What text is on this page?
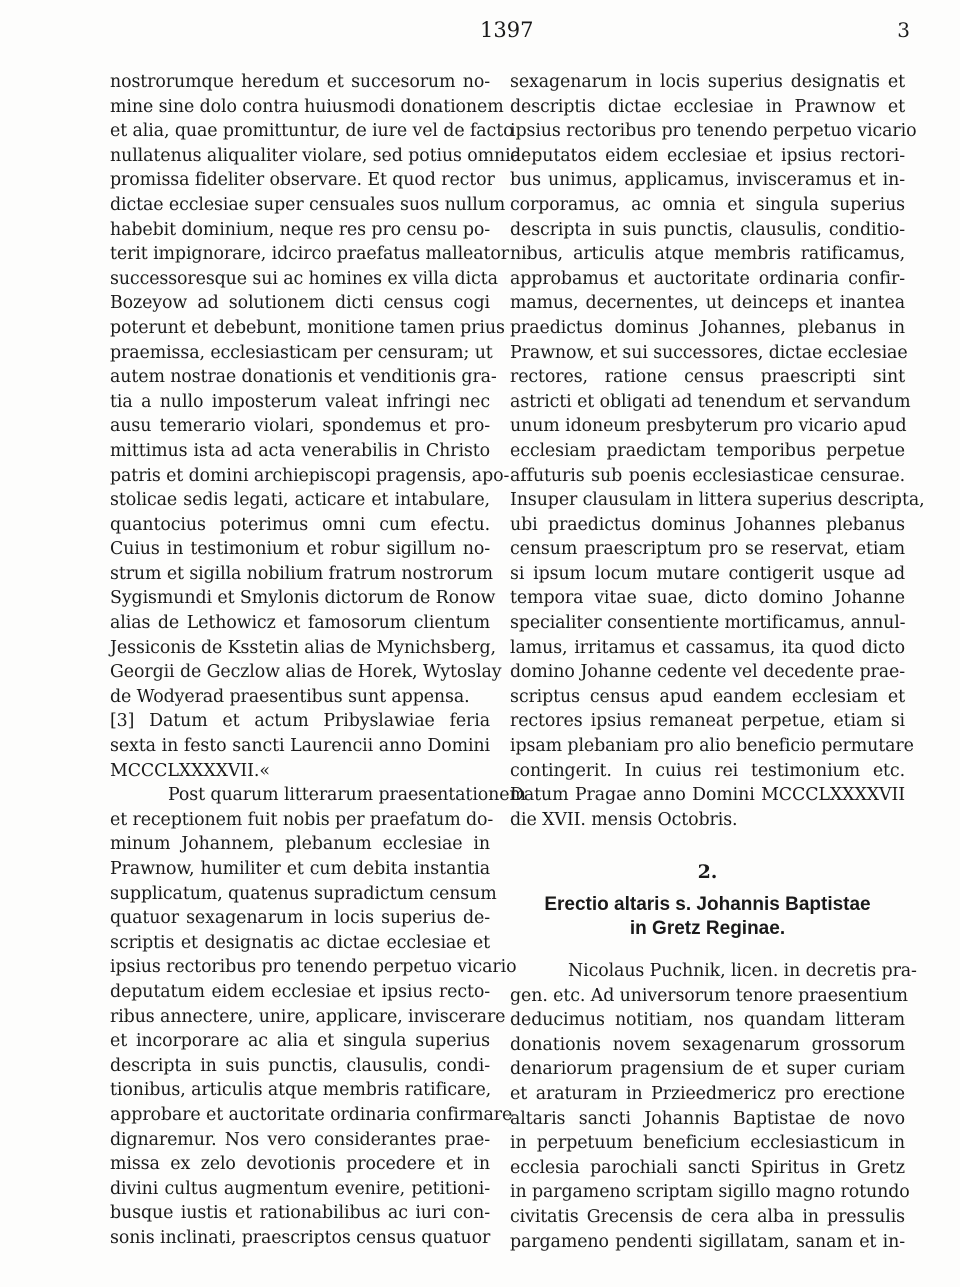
1397	3
nostrorumque heredum et succesorum no-
mine sine dolo contra huiusmodi donationem
et alia, quae promittuntur, de iure vel de facto
nullatenus aliqualiter violare, sed potius omnia
promissa fideliter observare. Et quod rector
dictae ecclesiae super censuales suos nullum
habebit dominium, neque res pro censu po-
terit impignorare, idcirco praefatus malleator
successoresque sui ac homines ex villa dicta
Bozeyow ad solutionem dicti census cogi
poterunt et debebunt, monitione tamen prius
praemissa, ecclesiasticam per censuram; ut
autem nostrae donationis et venditionis gra-
tia a nullo imposterum valeat infringi nec
ausu temerario violari, spondemus et pro-
mittimus ista ad acta venerabilis in Christo
patris et domini archiepiscopi pragensis, apo-
stolicae sedis legati, acticare et intabulare,
quantocius poterimus omni cum efectu.
Cuius in testimonium et robur sigillum no-
strum et sigilla nobilium fratrum nostrorum
Sygismundi et Smylonis dictorum de Ronow
alias de Lethowicz et famosorum clientum
Jessiconis de Ksstetin alias de Mynichsberg,
Georgii de Geczlow alias de Horek, Wytoslay
de Wodyerad praesentibus sunt appensa.
[3] Datum et actum Pribyslawiae feria
sexta in festo sancti Laurencii anno Domini
MCCCLXXXXVII.«
Post quarum litterarum praesentationem
et receptionem fuit nobis per praefatum do-
minum Johannem, plebanum ecclesiae in
Prawnow, humiliter et cum debita instantia
supplicatum, quatenus supradictum censum
quatuor sexagenarum in locis superius de-
scriptis et designatis ac dictae ecclesiae et
ipsius rectoribus pro tenendo perpetuo vicario
deputatum eidem ecclesiae et ipsius recto-
ribus annectere, unire, applicare, inviscerare
et incorporare ac alia et singula superius
descripta in suis punctis, clausulis, condi-
tionibus, articulis atque membris ratificare,
approbare et auctoritate ordinaria confirmare
dignaremur. Nos vero considerantes prae-
missa ex zelo devotionis procedere et in
divini cultus augmentum evenire, petitioni-
busque iustis et rationabilibus ac iuri con-
sonis inclinati, praescriptos census quatuor
sexagenarum in locis superius designatis et
descriptis dictae ecclesiae in Prawnow et
ipsius rectoribus pro tenendo perpetuo vicario
deputatos eidem ecclesiae et ipsius rectori-
bus unimus, applicamus, inviscеramus et in-
corporamus, ac omnia et singula superius
descripta in suis punctis, clausulis, conditio-
nibus, articulis atque membris ratificamus,
approbamus et auctoritate ordinaria confir-
mamus, decernentes, ut deinceps et inantea
praedictus dominus Johannes, plebanus in
Prawnow, et sui successores, dictae ecclesiae
rectores, ratione census praescripti sint
astricti et obligati ad tenendum et servandum
unum idoneum presbyterum pro vicario apud
ecclesiam praedictam temporibus perpetue
affuturis sub poenis ecclesiasticae censurae.
Insuper clausulam in littera superius descripta,
ubi praedictus dominus Johannes plebanus
censum praescriptum pro se reservat, etiam
si ipsum locum mutare contigerit usque ad
tempora vitae suae, dicto domino Johanne
specialiter consentiente mortificamus, annul-
lamus, irritamus et cassamus, ita quod dicto
domino Johanne cedente vel decedente prae-
scriptus census apud eandem ecclesiam et
rectores ipsius remaneat perpetue, etiam si
ipsam plebaniam pro alio beneficio permutare
contingerit. In cuius rei testimonium etc.
Datum Pragae anno Domini MCCCLXXXXVII
die XVII. mensis Octobris.
2.
Erectio altaris s. Johannis Baptistae
in Gretz Reginae.
Nicolaus Puchnik, licen. in decretis pra-
gen. etc. Ad universorum tenore praesentium
deducimus notitiam, nos quandam litteram
donationis novem sexagenarum grossorum
denariorum pragensium de et super curiam
et araturam in Przieedmericz pro erectione
altaris sancti Johannis Baptistae de novo
in perpetuum beneficium ecclesiasticum in
ecclesia parochiali sancti Spiritus in Gretz
in pargameno scriptam sigillo magno rotundo
civitatis Grecensis de cera alba in pressulis
pargameno pendenti sigillatam, sanam et in-
